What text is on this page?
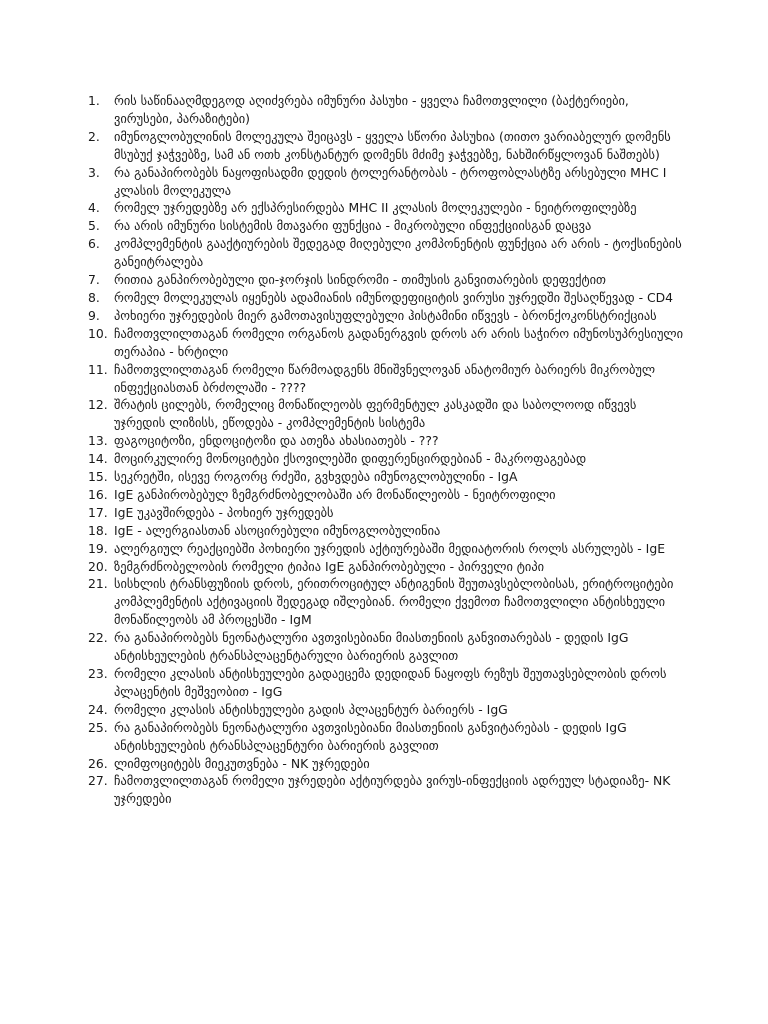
1.	რის საწინააღმდეგოდ აღიძვრება იმუნური პასუხი - ყველა ჩამოთვლილი (ბაქტერიები, ვირუსები, პარაზიტები)
2.	იმუნოგლობულინის მოლეკულა შეიცავს - ყველა სწორი პასუხია (თითო ვარიაბელურ დომენს მსუბუქ ჯაჭვებზე, სამ ან ოთხ კონსტანტურ დომენს მძიმე ჯაჭვებზე, ნახშირწყლოვან ნაშთებს)
3.	რა განაპირობებს ნაყოფისადმი დედის ტოლერანტობას - ტროფობლასტზე არსებული MHC I კლასის მოლეკულა
4.	რომელ უჯრედებზე არ ექსპრესირდება MHC II კლასის მოლეკულები - ნეიტროფილებზე
5.	რა არის იმუნური სისტემის მთავარი ფუნქცია - მიკრობული ინფექციისგან დაცვა
6.	კომპლემენტის გააქტიურების შედეგად მიღებული კომპონენტის ფუნქცია არ არის - ტოქსინების განეიტრალება
7.	რითია განპირობებული დი-ჯორჯის სინდრომი - თიმუსის განვითარების დეფექტით
8.	რომელ მოლეკულას იყენებს ადამიანის იმუნოდეფიციტის ვირუსი უჯრედში შესაღწევად - CD4
9.	პოხიერი უჯრედების მიერ გამოთავისუფლებული ჰისტამინი იწვევს - ბრონქოკონსტრიქციას
10. ჩამოთვლილთაგან რომელი ორგანოს გადანერგვის დროს არ არის საჭირო იმუნოსუპრესიული თერაპია - ხრტილი
11. ჩამოთვლილთაგან რომელი წარმოადგენს მნიშვნელოვან ანატომიურ ბარიერს მიკრობულ ინფექციასთან ბრძოლაში - ????
12. შრატის ცილებს, რომელიც მონაწილეობს ფერმენტულ კასკადში და საბოლოოდ იწვევს უჯრედის ლიზისს, ეწოდება - კომპლემენტის სისტემა
13. ფაგოციტოზი, ენდოციტოზი და ათეზა ახასიათებს - ???
14. მოცირკულირე მონოციტები ქსოვილებში დიფერენცირდებიან - მაკროფაგებად
15. სეკრეტში, ისევე როგორც რძეში, გვხვდება იმუნოგლობულინი - IgA
16. IgE განპირობებულ ზემგრძნობელობაში არ მონაწილეობს - ნეიტროფილი
17. IgE უკავშირდება - პოხიერ უჯრედებს
18. IgE - ალერგიასთან ასოცირებული იმუნოგლობულინია
19. ალერგიულ რეაქციებში პოხიერი უჯრედის აქტიურებაში მედიატორის როლს ასრულებს - IgE
20. ზემგრძნობელობის რომელი ტიპია IgE განპირობებული - პირველი ტიპი
21. სისხლის ტრანსფუზიის დროს, ერითროციტულ ანტიგენის შეუთავსებლობისას, ერიტროციტები კომპლემენტის აქტივაციის შედეგად იშლებიან. რომელი ქვემოთ ჩამოთვლილი ანტისხეული მონაწილეობს ამ პროცესში - IgM
22. რა განაპირობებს ნეონატალური ავთვისებიანი მიასთენიის განვითარებას - დედის IgG ანტისხეულების ტრანსპლაცენტარული ბარიერის გავლით
23. რომელი კლასის ანტისხეულები გადაეცემა დედიდან ნაყოფს რეზუს შეუთავსებლობის დროს პლაცენტის მეშვეობით - IgG
24. რომელი კლასის ანტისხეულები გადის პლაცენტურ ბარიერს - IgG
25. რა განაპირობებს ნეონატალური ავთვისებიანი მიასთენიის განვიტარებას - დედის IgG ანტისხეულების ტრანსპლაცენტური ბარიერის გავლით
26. ლიმფოციტებს მიეკუთვნება - NK უჯრედები
27. ჩამოთვლილთაგან რომელი უჯრედები აქტიურდება ვირუს-ინფექციის ადრეულ სტადიაზე- NK უჯრედები
